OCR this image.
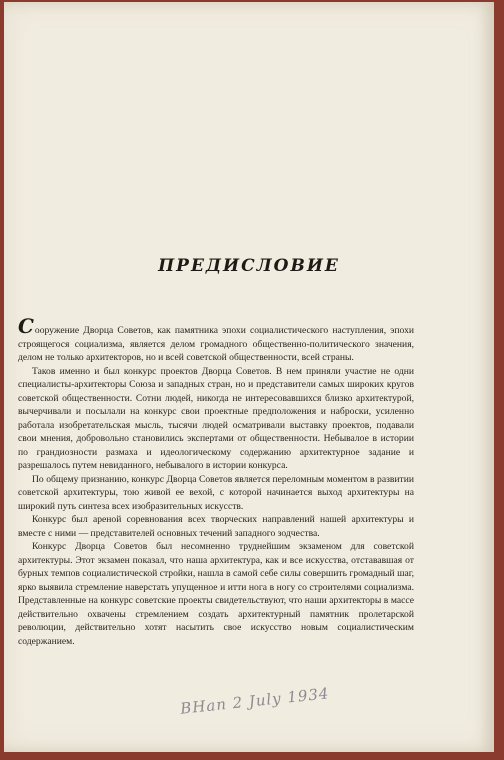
ПРЕДИСЛОВИЕ

Сооружение Дворца Советов, как памятника эпохи социалистического наступления, эпохи строящегося социализма, является делом громадного общественно-политического значения, делом не только архитекторов, но и всей советской общественности, всей страны.

Таков именно и был конкурс проектов Дворца Советов. В нем приняли участие не одни специалисты-архитекторы Союза и западных стран, но и представители самых широких кругов советской общественности. Сотни людей, никогда не интересовавшихся близко архитектурой, вычерчивали и посылали на конкурс свои проектные предположения и наброски, усиленно работала изобретательская мысль, тысячи людей осматривали выставку проектов, подавали свои мнения, добровольно становились экспертами от общественности. Небывалое в истории по грандиозности размаха и идеологическому содержанию архитектурное задание и разрешалось путем невиданного, небывалого в истории конкурса.

По общему признанию, конкурс Дворца Советов является переломным моментом в развитии советской архитектуры, тою живой ее вехой, с которой начинается выход архитектуры на широкий путь синтеза всех изобразительных искусств.

Конкурс был ареной соревнования всех творческих направлений нашей архитектуры и вместе с ними — представителей основных течений западного зодчества.

Конкурс Дворца Советов был несомненно труднейшим экзаменом для советской архитектуры. Этот экзамен показал, что наша архитектура, как и все искусства, отстававшая от бурных темпов социалистической стройки, нашла в самой себе силы совершить громадный шаг, ярко выявила стремление наверстать упущенное и итти нога в ногу со строителями социализма. Представленные на конкурс советские проекты свидетельствуют, что наши архитекторы в массе действительно охвачены стремлением создать архитектурный памятник пролетарской революции, действительно хотят насытить свое искусство новым социалистическим содержанием.

BHan 2 July 1934
